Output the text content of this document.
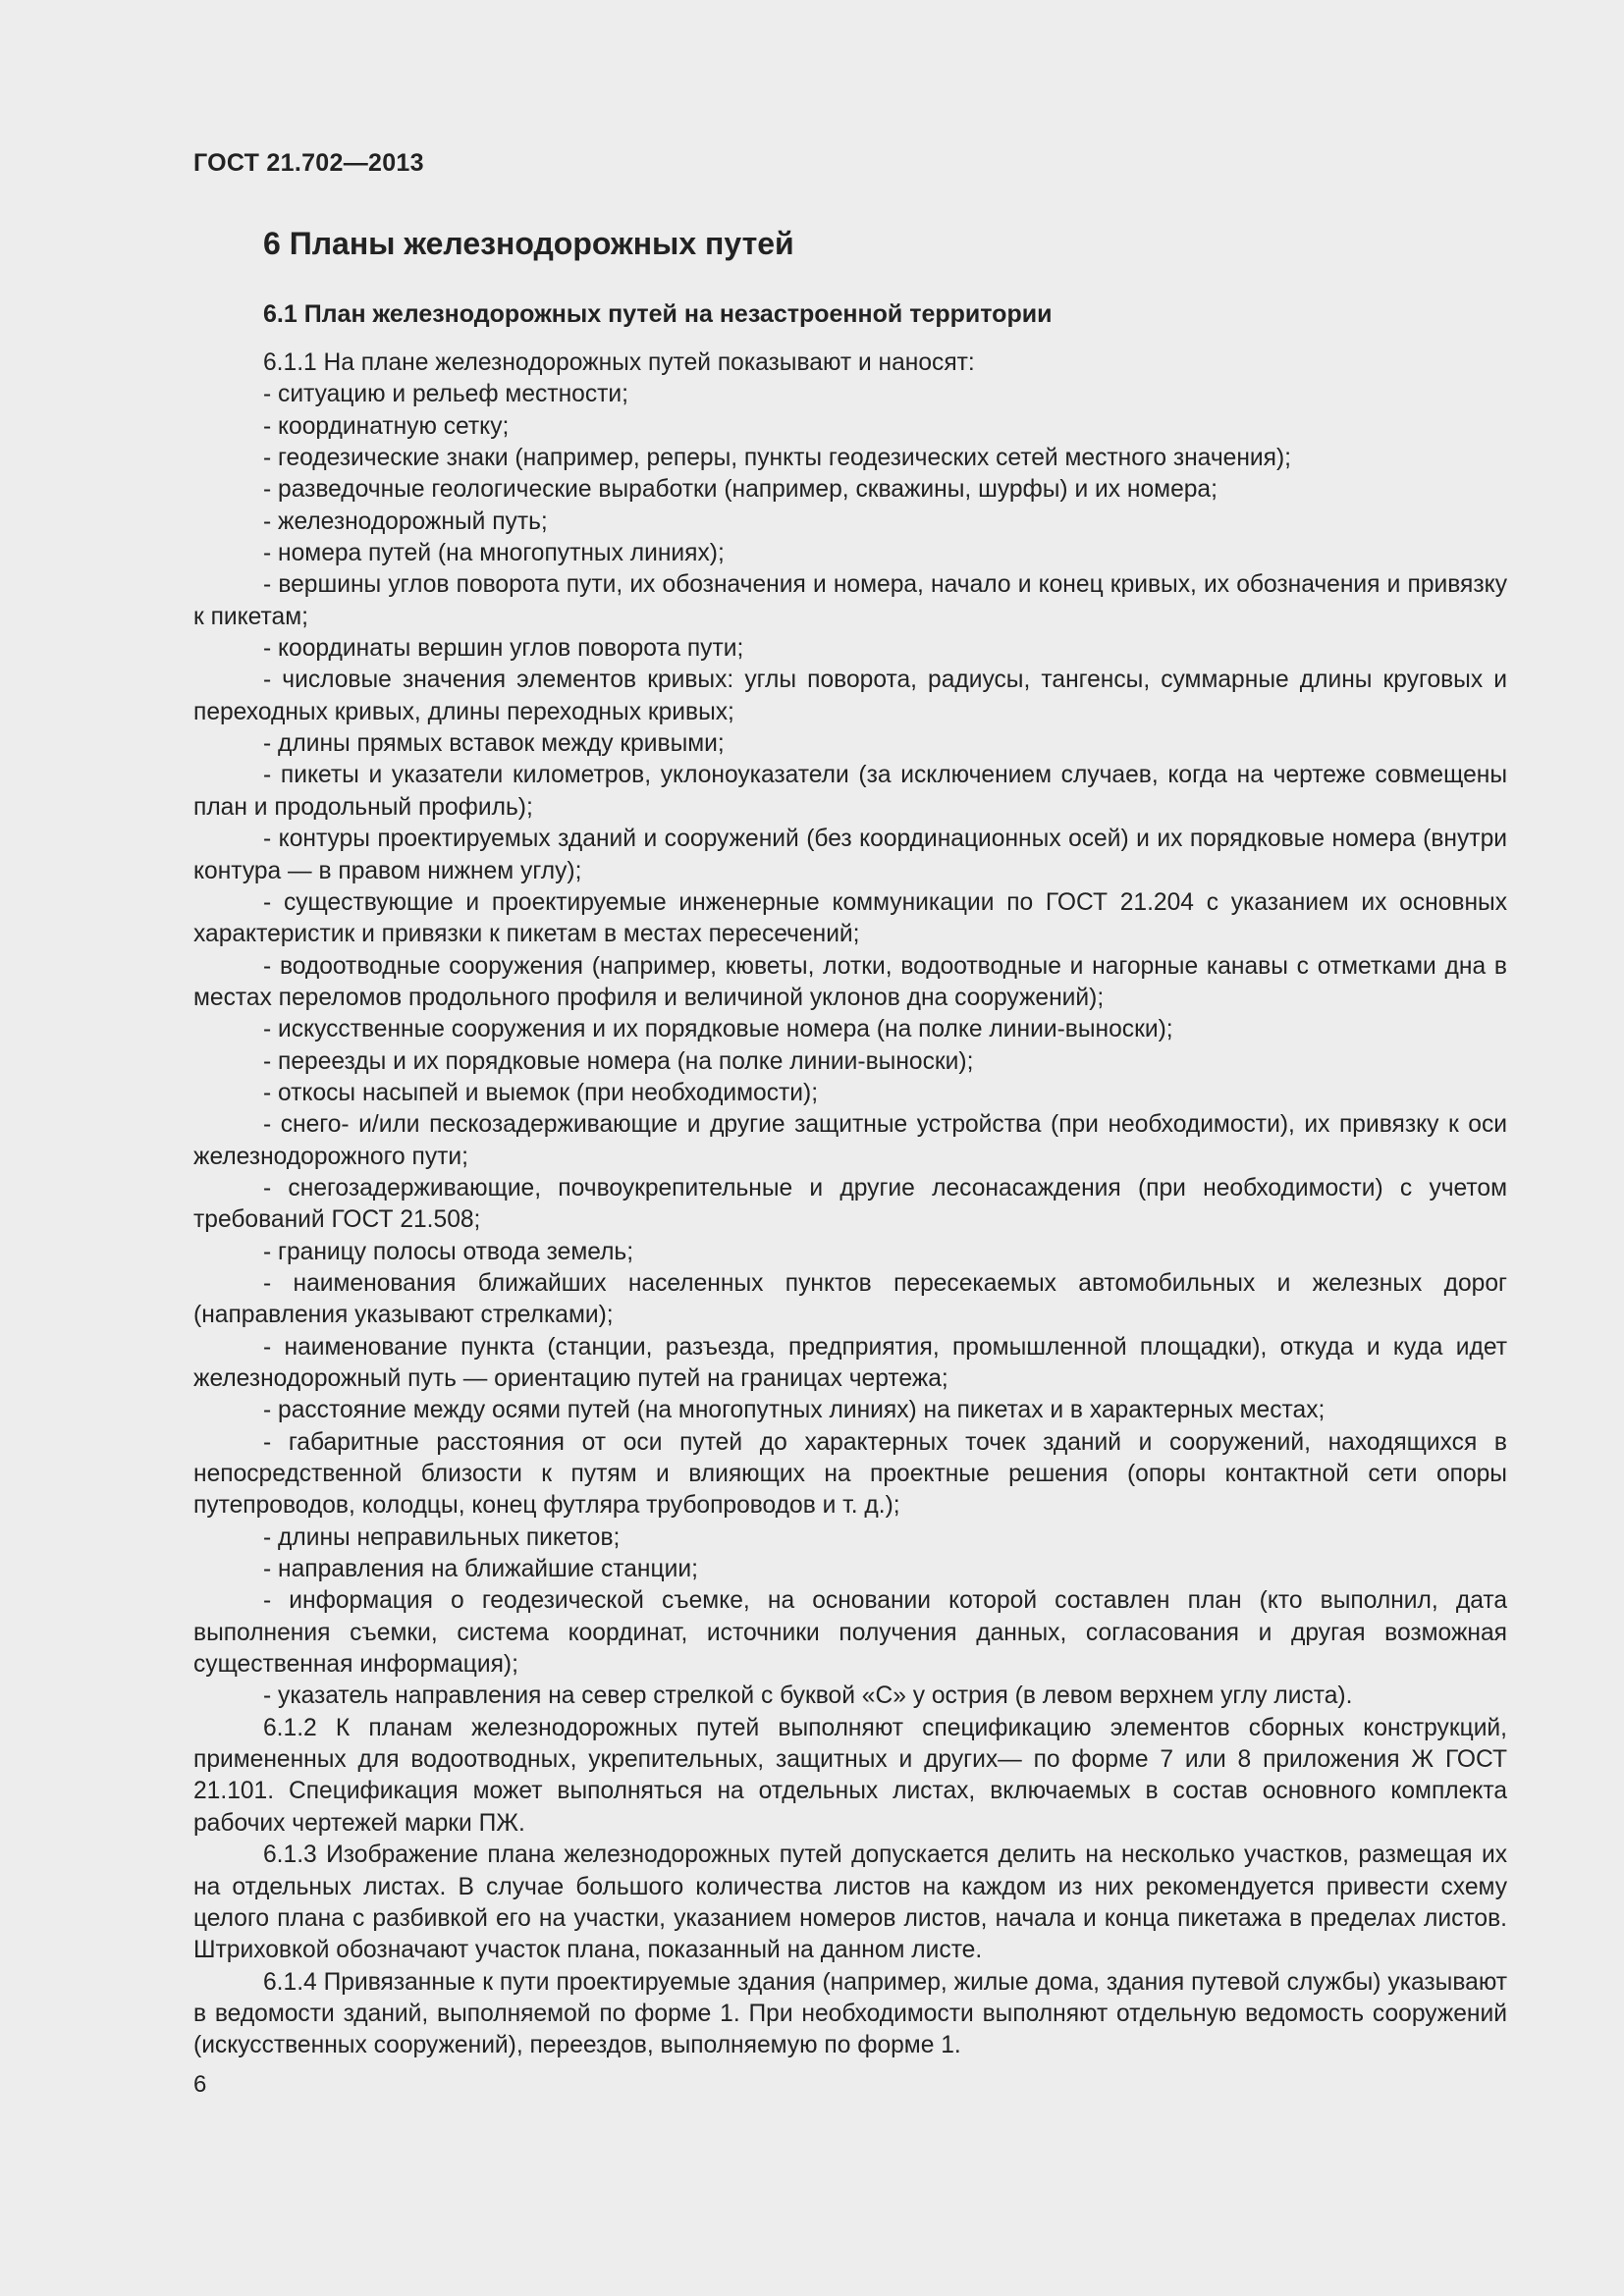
ГОСТ 21.702—2013
6 Планы железнодорожных путей
6.1 План железнодорожных путей на незастроенной территории

6.1.1 На плане железнодорожных путей показывают и наносят:

- ситуацию и рельеф местности;

- координатную сетку;

- геодезические знаки (например, реперы, пункты геодезических сетей местного значения);

- разведочные геологические выработки (например, скважины, шурфы) и их номера;

- железнодорожный путь;

- номера путей (на многопутных линиях);

- вершины углов поворота пути, их обозначения и номера, начало и конец кривых, их обозначения и привязку к пикетам;

- координаты вершин углов поворота пути;

- числовые значения элементов кривых: углы поворота, радиусы, тангенсы, суммарные длины круговых и переходных кривых, длины переходных кривых;

- длины прямых вставок между кривыми;

- пикеты и указатели километров, уклоноуказатели (за исключением случаев, когда на чертеже совмещены план и продольный профиль);

- контуры проектируемых зданий и сооружений (без координационных осей) и их порядковые номера (внутри контура — в правом нижнем углу);

- существующие и проектируемые инженерные коммуникации по ГОСТ 21.204 с указанием их основных характеристик и привязки к пикетам в местах пересечений;

- водоотводные сооружения (например, кюветы, лотки, водоотводные и нагорные канавы с отметками дна в местах переломов продольного профиля и величиной уклонов дна сооружений);

- искусственные сооружения и их порядковые номера (на полке линии-выноски);

- переезды и их порядковые номера (на полке линии-выноски);

- откосы насыпей и выемок (при необходимости);

- снего- и/или пескозадерживающие и другие защитные устройства (при необходимости), их привязку к оси железнодорожного пути;

- снегозадерживающие, почвоукрепительные и другие лесонасаждения (при необходимости) с учетом требований ГОСТ 21.508;

- границу полосы отвода земель;

- наименования ближайших населенных пунктов пересекаемых автомобильных и железных дорог (направления указывают стрелками);

- наименование пункта (станции, разъезда, предприятия, промышленной площадки), откуда и куда идет железнодорожный путь — ориентацию путей на границах чертежа;

- расстояние между осями путей (на многопутных линиях) на пикетах и в характерных местах;

- габаритные расстояния от оси путей до характерных точек зданий и сооружений, находящихся в непосредственной близости к путям и влияющих на проектные решения (опоры контактной сети опоры путепроводов, колодцы, конец футляра трубопроводов и т. д.);

- длины неправильных пикетов;

- направления на ближайшие станции;

- информация о геодезической съемке, на основании которой составлен план (кто выполнил, дата выполнения съемки, система координат, источники получения данных, согласования и другая возможная существенная информация);

- указатель направления на север стрелкой с буквой «С» у острия (в левом верхнем углу листа).

6.1.2 К планам железнодорожных путей выполняют спецификацию элементов сборных конструкций, примененных для водоотводных, укрепительных, защитных и других— по форме 7 или 8 приложения Ж ГОСТ 21.101. Спецификация может выполняться на отдельных листах, включаемых в состав основного комплекта рабочих чертежей марки ПЖ.

6.1.3 Изображение плана железнодорожных путей допускается делить на несколько участков, размещая их на отдельных листах. В случае большого количества листов на каждом из них рекомендуется привести схему целого плана с разбивкой его на участки, указанием номеров листов, начала и конца пикетажа в пределах листов. Штриховкой обозначают участок плана, показанный на данном листе.

6.1.4 Привязанные к пути проектируемые здания (например, жилые дома, здания путевой службы) указывают в ведомости зданий, выполняемой по форме 1. При необходимости выполняют отдельную ведомость сооружений (искусственных сооружений), переездов, выполняемую по форме 1.

6
